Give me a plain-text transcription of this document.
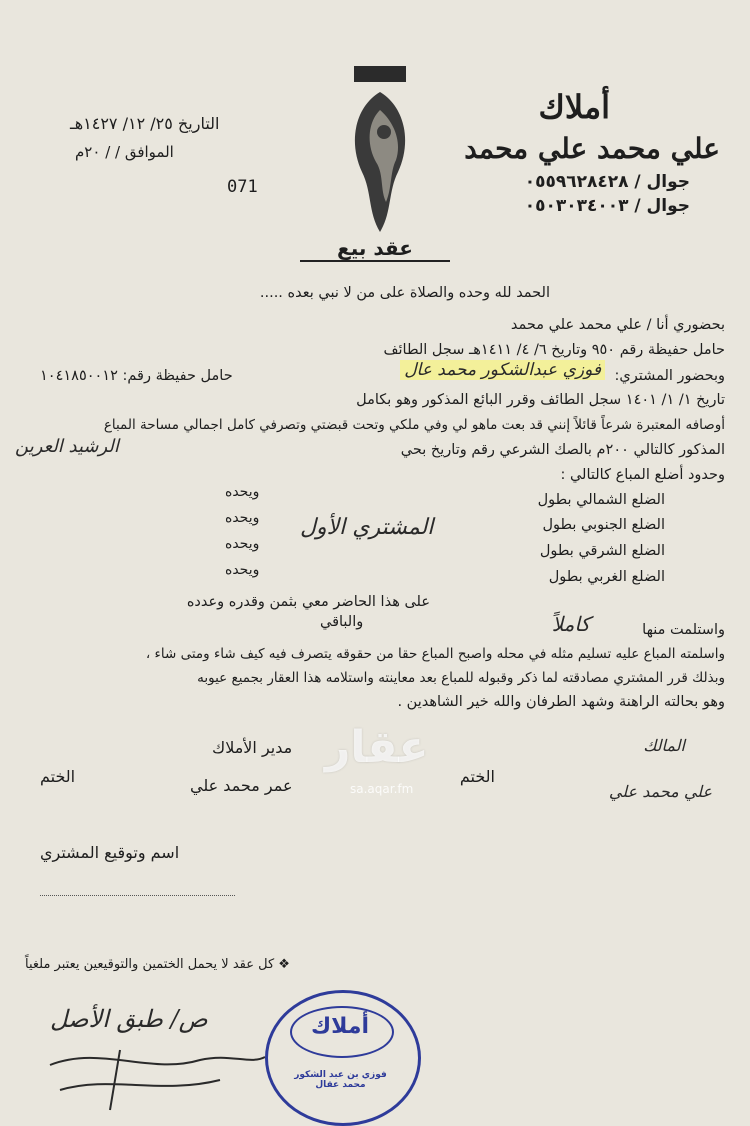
أملاك
علي محمد علي محمد
جوال / ٠٥٥٩٦٢٨٤٢٨
جوال / ٠٥٠٣٠٣٤٠٠٣
عقد بيع
التاريخ ٢٥/ ١٢/ ١٤٢٧هـ
الموافق / / ٢٠م
071
الحمد لله وحده والصلاة على من لا نبي بعده .....
بحضوري أنا / علي محمد علي محمد
حامل حفيظة رقم ٩٥٠ وتاريخ ٦/ ٤/ ١٤١١هـ سجل الطائف
وبحضور المشتري:
فوزي عبدالشكور محمد عال
حامل حفيظة رقم: ١٠٤١٨٥٠٠١٢
تاريخ ١/ ١/ ١٤٠١ سجل الطائف وقرر البائع المذكور وهو بكامل
أوصافه المعتبرة شرعاً قائلاً إنني قد بعت ماهو لي وفي ملكي وتحت قبضتي وتصرفي كامل اجمالي مساحة المباع
المذكور كالتالي ٢٠٠م بالصك الشرعي رقم وتاريخ بحي
الرشيد العرين
وحدود أضلع المباع كالتالي :
الضلع الشمالي بطول
ويحده
الضلع الجنوبي بطول
ويحده
الضلع الشرقي بطول
ويحده
الضلع الغربي بطول
ويحده
المشتري الأول
على هذا الحاضر معي بثمن وقدره وعدده
واستلمت منها
كاملاً
والباقي
واسلمته المباع عليه تسليم مثله في محله واصبح المباع حقا من حقوقه يتصرف فيه كيف شاء ومتى شاء ،
وبذلك قرر المشتري مصادقته لما ذكر وقبوله للمباع بعد معاينته واستلامه هذا العقار بجميع عيوبه
وهو بحالته الراهنة وشهد الطرفان والله خير الشاهدين .
المالك
علي محمد علي
الختم
مدير الأملاك
عمر محمد علي
الختم
اسم وتوقيع المشتري
عقار
sa.aqar.fm
❖ كل عقد لا يحمل الختمين والتوقيعين يعتبر ملغياً
ص/ طبق الأصل	أملاك
فوزي بن عبد الشكور محمد عقال
